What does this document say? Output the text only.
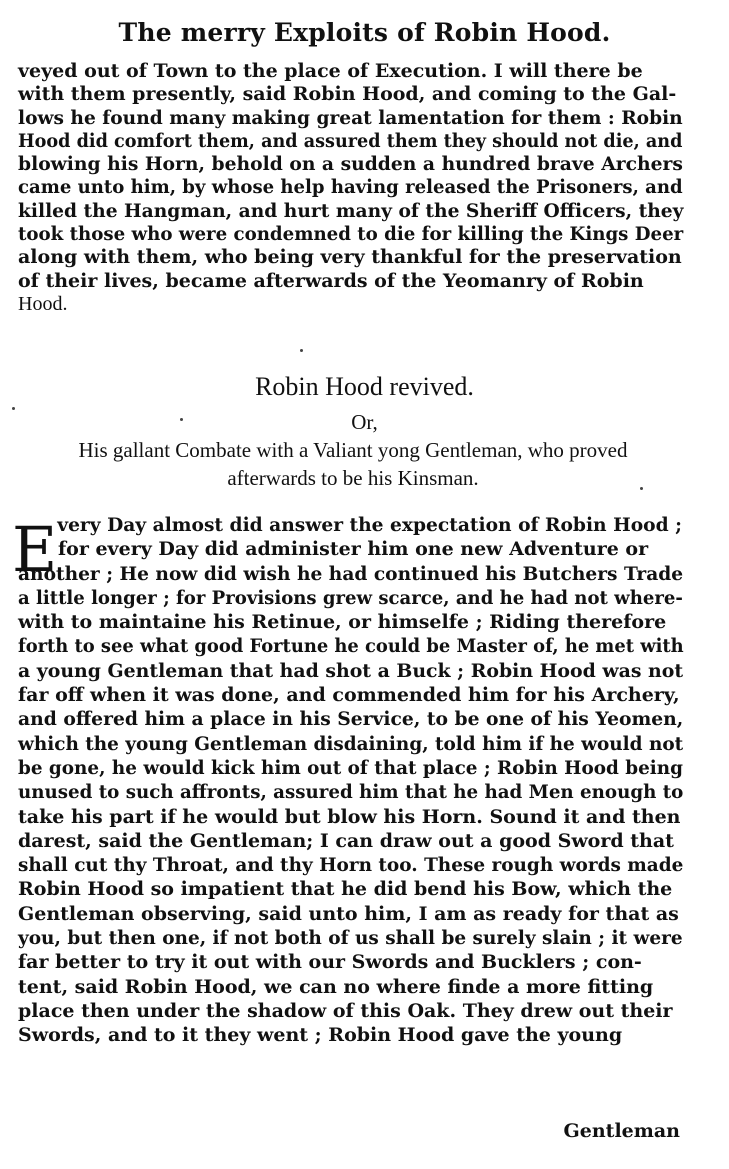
The merry Exploits of Robin Hood.
veyed out of Town to the place of Execution. I will there be
with them presently, said Robin Hood, and coming to the Gal-
lows he found many making great lamentation for them : Robin
Hood did comfort them, and assured them they should not die, and
blowing his Horn, behold on a sudden a hundred brave Archers
came unto him, by whose help having released the Prisoners, and
killed the Hangman, and hurt many of the Sheriff Officers, they
took those who were condemned to die for killing the Kings Deer
along with them, who being very thankful for the preservation
of their lives, became afterwards of the Yeomanry of Robin
Hood.
Robin Hood revived.
Or,
His gallant Combate with a Valiant yong Gentleman, who proved
afterwards to be his Kinsman.
E very Day almost did answer the expectation of Robin Hood ;
for every Day did administer him one new Adventure or
another ; He now did wish he had continued his Butchers Trade
a little longer ; for Provisions grew scarce, and he had not where-
with to maintaine his Retinue, or himselfe ; Riding therefore
forth to see what good Fortune he could be Master of, he met with
a young Gentleman that had shot a Buck ; Robin Hood was not
far off when it was done, and commended him for his Archery,
and offered him a place in his Service, to be one of his Yeomen,
which the young Gentleman disdaining, told him if he would not
be gone, he would kick him out of that place ; Robin Hood being
unused to such affronts, assured him that he had Men enough to
take his part if he would but blow his Horn. Sound it and then
darest, said the Gentleman; I can draw out a good Sword that
shall cut thy Throat, and thy Horn too. These rough words made
Robin Hood so impatient that he did bend his Bow, which the
Gentleman observing, said unto him, I am as ready for that as
you, but then one, if not both of us shall be surely slain ; it were
far better to try it out with our Swords and Bucklers ; con-
tent, said Robin Hood, we can no where finde a more fitting
place then under the shadow of this Oak. They drew out their
Swords, and to it they went ; Robin Hood gave the young
Gentleman
